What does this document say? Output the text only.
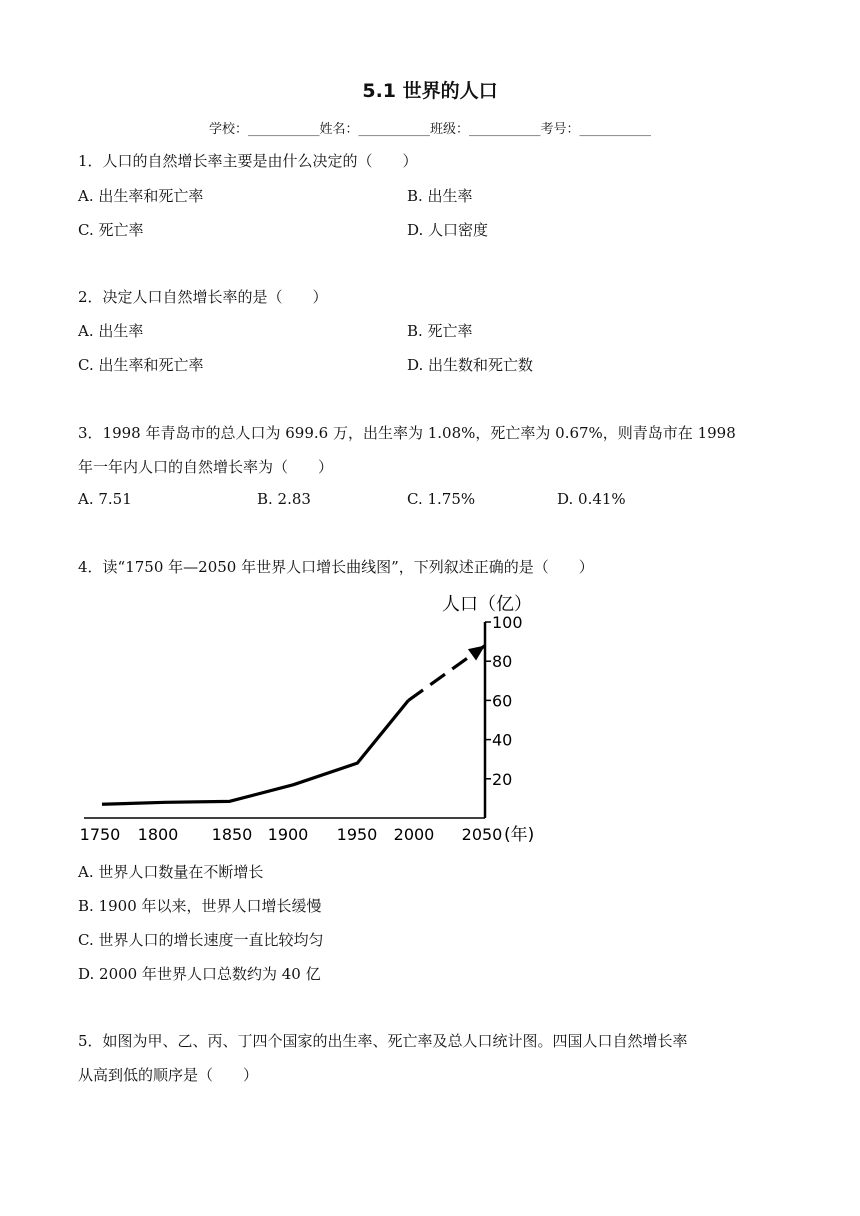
5.1 世界的人口
学校：___________姓名：___________班级：___________考号：___________
1．人口的自然增长率主要是由什么决定的（　　）
A. 出生率和死亡率	B. 出生率
C. 死亡率	D. 人口密度
2．决定人口自然增长率的是（　　）
A. 出生率	B. 死亡率
C. 出生率和死亡率	D. 出生数和死亡数
3．1998 年青岛市的总人口为 699.6 万，出生率为 1.08%，死亡率为 0.67%，则青岛市在 1998
年一年内人口的自然增长率为（　　）
A. 7.51	B. 2.83	C. 1.75%	D. 0.41%
4．读“1750 年—2050 年世界人口增长曲线图”，下列叙述正确的是（　　）
人口（亿）
20
40
60
80
100
1750 1800 1850 1900 1950 2000 2050 (年)
A. 世界人口数量在不断增长
B. 1900 年以来，世界人口增长缓慢
C. 世界人口的增长速度一直比较均匀
D. 2000 年世界人口总数约为 40 亿
5．如图为甲、乙、丙、丁四个国家的出生率、死亡率及总人口统计图。四国人口自然增长率
从高到低的顺序是（　　）
